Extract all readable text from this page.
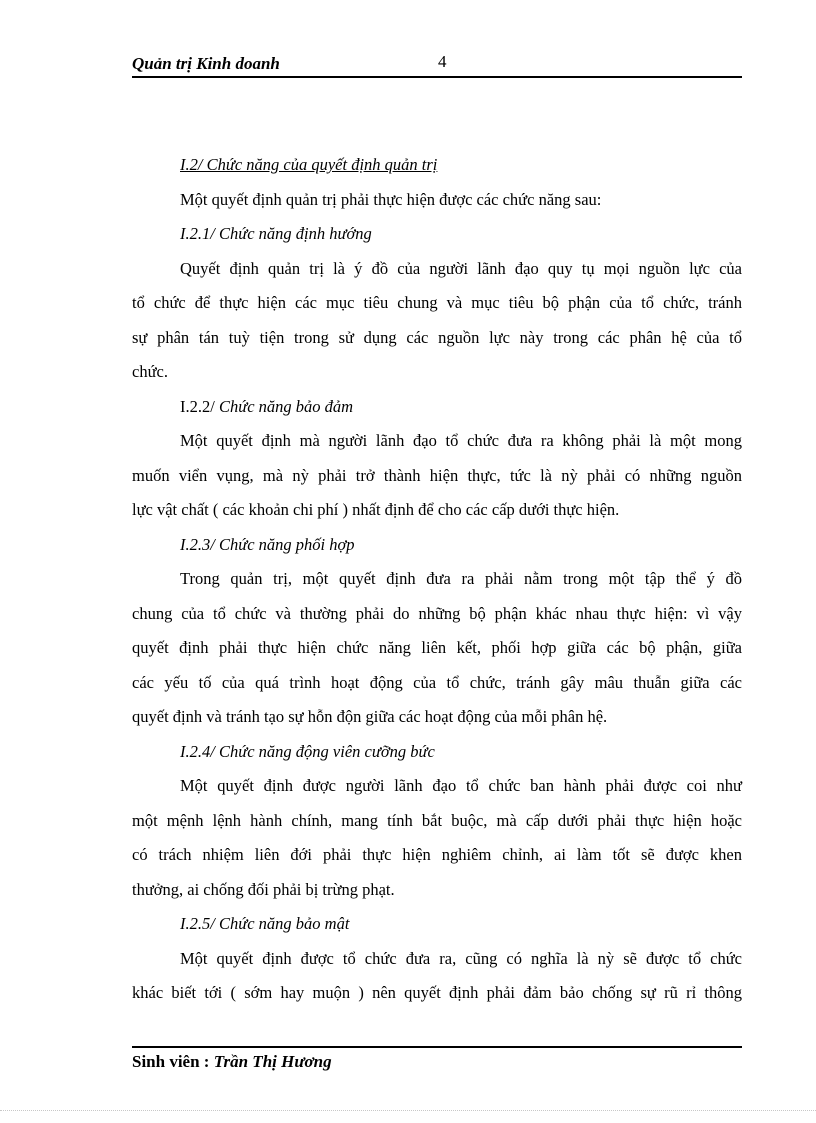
Quản trị Kinh doanh	4
I.2/ Chức năng của quyết định quản trị
Một quyết định quản trị phải thực hiện được các chức năng sau:
I.2.1/ Chức năng định hướng
Quyết định quản trị là ý đồ của người lãnh đạo quy tụ mọi nguồn lực của
tổ chức để thực hiện các mục tiêu chung và mục tiêu bộ phận của tổ chức, tránh
sự phân tán tuỳ tiện trong sử dụng các nguồn lực này trong các phân hệ của tổ
chức.
I.2.2/ Chức năng bảo đảm
Một quyết định mà người lãnh đạo tổ chức đưa ra không phải là một mong
muốn viển vụng, mà nỳ phải trở thành hiện thực, tức là nỳ phải có những nguồn
lực vật chất ( các khoản chi phí ) nhất định để cho các cấp dưới thực hiện.
I.2.3/ Chức năng phối hợp
Trong quản trị, một quyết định đưa ra phải nằm trong một tập thể ý đồ
chung của tổ chức và thường phải do những bộ phận khác nhau thực hiện: vì vậy
quyết định phải thực hiện chức năng liên kết, phối hợp giữa các bộ phận, giữa
các yếu tố của quá trình hoạt động của tổ chức, tránh gây mâu thuẫn giữa các
quyết định và tránh tạo sự hỗn độn giữa các hoạt động của mỗi phân hệ.
I.2.4/ Chức năng động viên cưỡng bức
Một quyết định được người lãnh đạo tổ chức ban hành phải được coi như
một mệnh lệnh hành chính, mang tính bắt buộc, mà cấp dưới phải thực hiện hoặc
có trách nhiệm liên đới phải thực hiện nghiêm chỉnh, ai làm tốt sẽ được khen
thưởng, ai chống đối phải bị trừng phạt.
I.2.5/ Chức năng bảo mật
Một quyết định được tổ chức đưa ra, cũng có nghĩa là nỳ sẽ được tổ chức
khác biết tới ( sớm hay muộn ) nên quyết định phải đảm bảo chống sự rũ rỉ thông
Sinh viên : Trần Thị Hương
